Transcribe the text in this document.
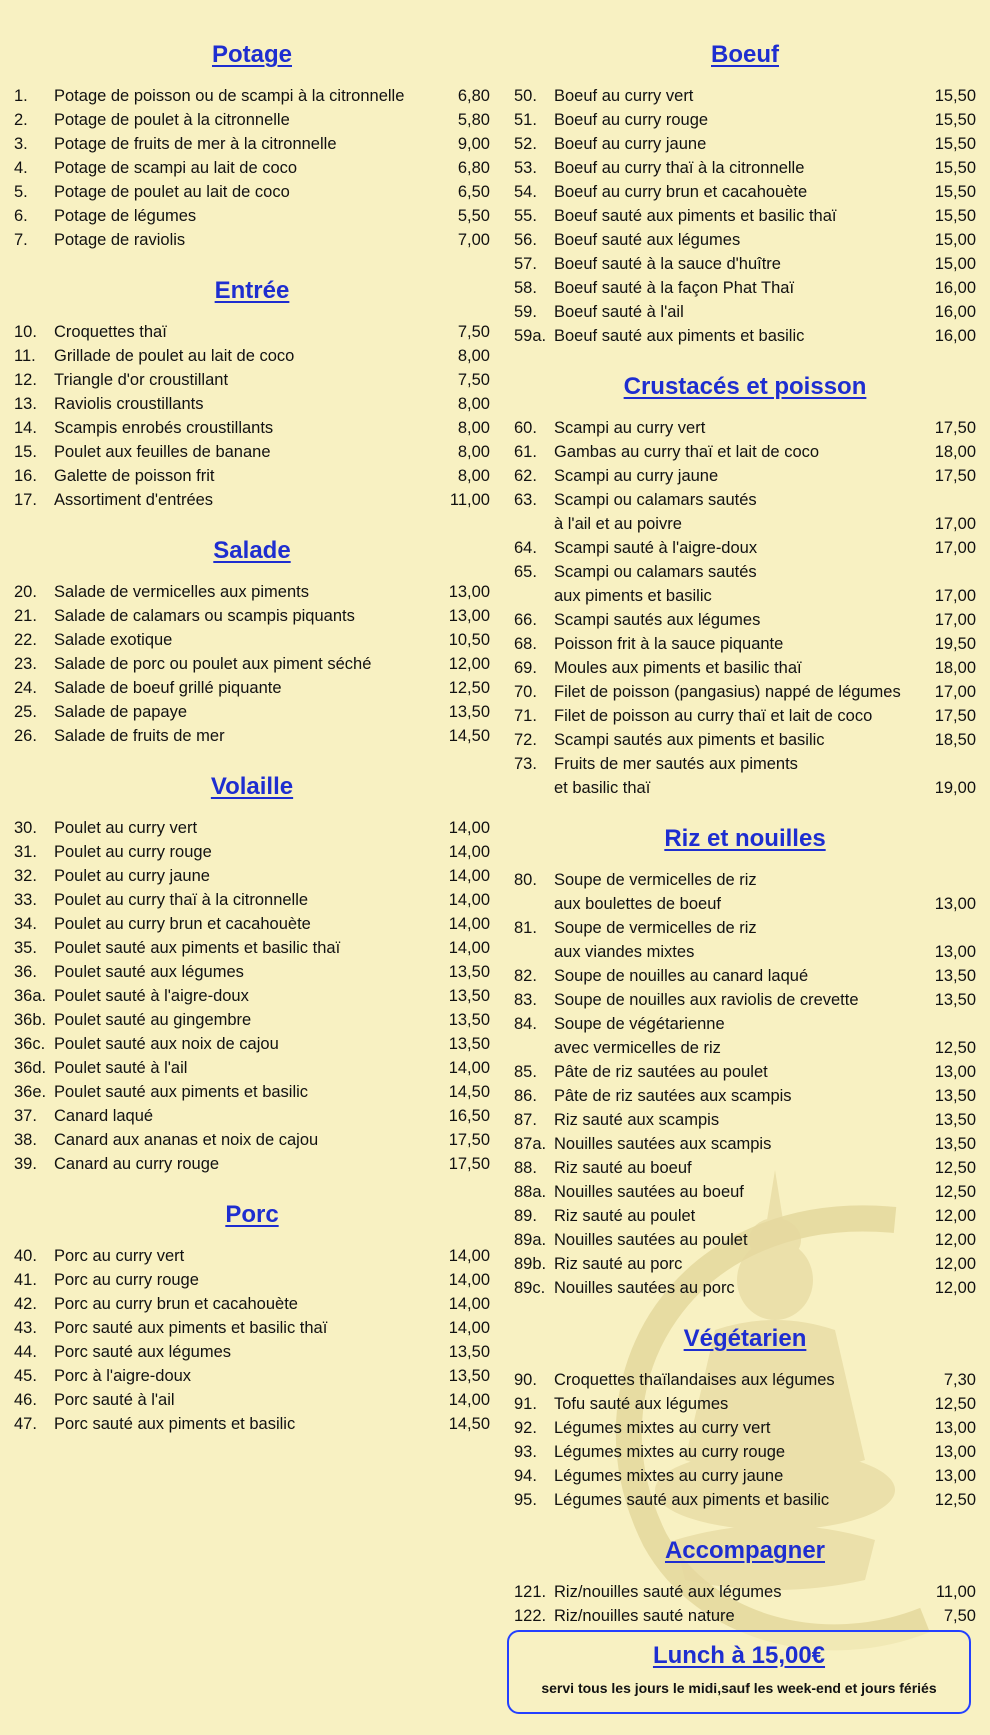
Potage
1.	Potage de poisson ou de scampi à la citronnelle	6,80
2.	Potage de poulet à la citronnelle	5,80
3.	Potage de fruits de mer à la citronnelle	9,00
4.	Potage de scampi au lait de coco	6,80
5.	Potage de poulet au lait de coco	6,50
6.	Potage de légumes	5,50
7.	Potage de raviolis	7,00
Entrée
10.	Croquettes thaï	7,50
11.	Grillade de poulet au lait de coco	8,00
12.	Triangle d'or croustillant	7,50
13.	Raviolis croustillants	8,00
14.	Scampis enrobés croustillants	8,00
15.	Poulet aux feuilles de banane	8,00
16.	Galette de poisson frit	8,00
17.	Assortiment d'entrées	11,00
Salade
20.	Salade de vermicelles aux piments	13,00
21.	Salade de calamars ou scampis piquants	13,00
22.	Salade exotique	10,50
23.	Salade de porc ou poulet aux piment séché	12,00
24.	Salade de boeuf grillé piquante	12,50
25.	Salade de papaye	13,50
26.	Salade de fruits de mer	14,50
Volaille
30.	Poulet au curry vert	14,00
31.	Poulet au curry rouge	14,00
32.	Poulet au curry jaune	14,00
33.	Poulet au curry thaï à la citronnelle	14,00
34.	Poulet au curry brun et cacahouète	14,00
35.	Poulet sauté aux piments et basilic thaï	14,00
36.	Poulet sauté aux légumes	13,50
36a. Poulet sauté à l'aigre-doux	13,50
36b. Poulet sauté au gingembre	13,50
36c. Poulet sauté aux noix de cajou	13,50
36d. Poulet sauté à l'ail	14,00
36e. Poulet sauté aux piments et basilic	14,50
37.	Canard laqué	16,50
38.	Canard aux ananas et noix de cajou	17,50
39.	Canard au curry rouge	17,50
Porc
40.	Porc au curry vert	14,00
41.	Porc au curry rouge	14,00
42.	Porc au curry brun et cacahouète	14,00
43.	Porc sauté aux piments et basilic thaï	14,00
44.	Porc sauté aux légumes	13,50
45.	Porc à l'aigre-doux	13,50
46.	Porc sauté à l'ail	14,00
47.	Porc sauté aux piments et basilic	14,50
Boeuf
50.	Boeuf au curry vert	15,50
51.	Boeuf au curry rouge	15,50
52.	Boeuf au curry jaune	15,50
53.	Boeuf au curry thaï à la citronnelle	15,50
54.	Boeuf au curry brun et cacahouète	15,50
55.	Boeuf sauté aux piments et basilic thaï	15,50
56.	Boeuf sauté aux légumes	15,00
57.	Boeuf sauté à la sauce d'huître	15,00
58.	Boeuf sauté à la façon Phat Thaï	16,00
59.	Boeuf sauté à l'ail	16,00
59a. Boeuf sauté aux piments et basilic	16,00
Crustacés et poisson
60.	Scampi au curry vert	17,50
61.	Gambas au curry thaï et lait de coco	18,00
62.	Scampi au curry jaune	17,50
63.	Scampi ou calamars sautés
à l'ail et au poivre	17,00
64.	Scampi sauté à l'aigre-doux	17,00
65.	Scampi ou calamars sautés
aux piments et basilic	17,00
66.	Scampi sautés aux légumes	17,00
68.	Poisson frit à la sauce piquante	19,50
69.	Moules aux piments et basilic thaï	18,00
70.	Filet de poisson (pangasius) nappé de légumes	17,00
71.	Filet de poisson au curry thaï et lait de coco	17,50
72.	Scampi sautés aux piments et basilic	18,50
73.	Fruits de mer sautés aux piments
et basilic thaï	19,00
Riz et nouilles
80.	Soupe de vermicelles de riz
aux boulettes de boeuf	13,00
81.	Soupe de vermicelles de riz
aux viandes mixtes	13,00
82.	Soupe de nouilles au canard laqué	13,50
83.	Soupe de nouilles aux raviolis de crevette	13,50
84.	Soupe de végétarienne
avec vermicelles de riz	12,50
85.	Pâte de riz sautées au poulet	13,00
86.	Pâte de riz sautées aux scampis	13,50
87.	Riz sauté aux scampis	13,50
87a. Nouilles sautées aux scampis	13,50
88.	Riz sauté au boeuf	12,50
88a. Nouilles sautées au boeuf	12,50
89.	Riz sauté au poulet	12,00
89a. Nouilles sautées au poulet	12,00
89b. Riz sauté au porc	12,00
89c. Nouilles sautées au porc	12,00
Végétarien
90.	Croquettes thaïlandaises aux légumes	7,30
91.	Tofu sauté aux légumes	12,50
92.	Légumes mixtes au curry vert	13,00
93.	Légumes mixtes au curry rouge	13,00
94.	Légumes mixtes au curry jaune	13,00
95.	Légumes sauté aux piments et basilic	12,50
Accompagner
121. Riz/nouilles sauté aux légumes	11,00
122. Riz/nouilles sauté nature	7,50
Lunch à 15,00€
servi tous les jours le midi,sauf les week-end et jours fériés
